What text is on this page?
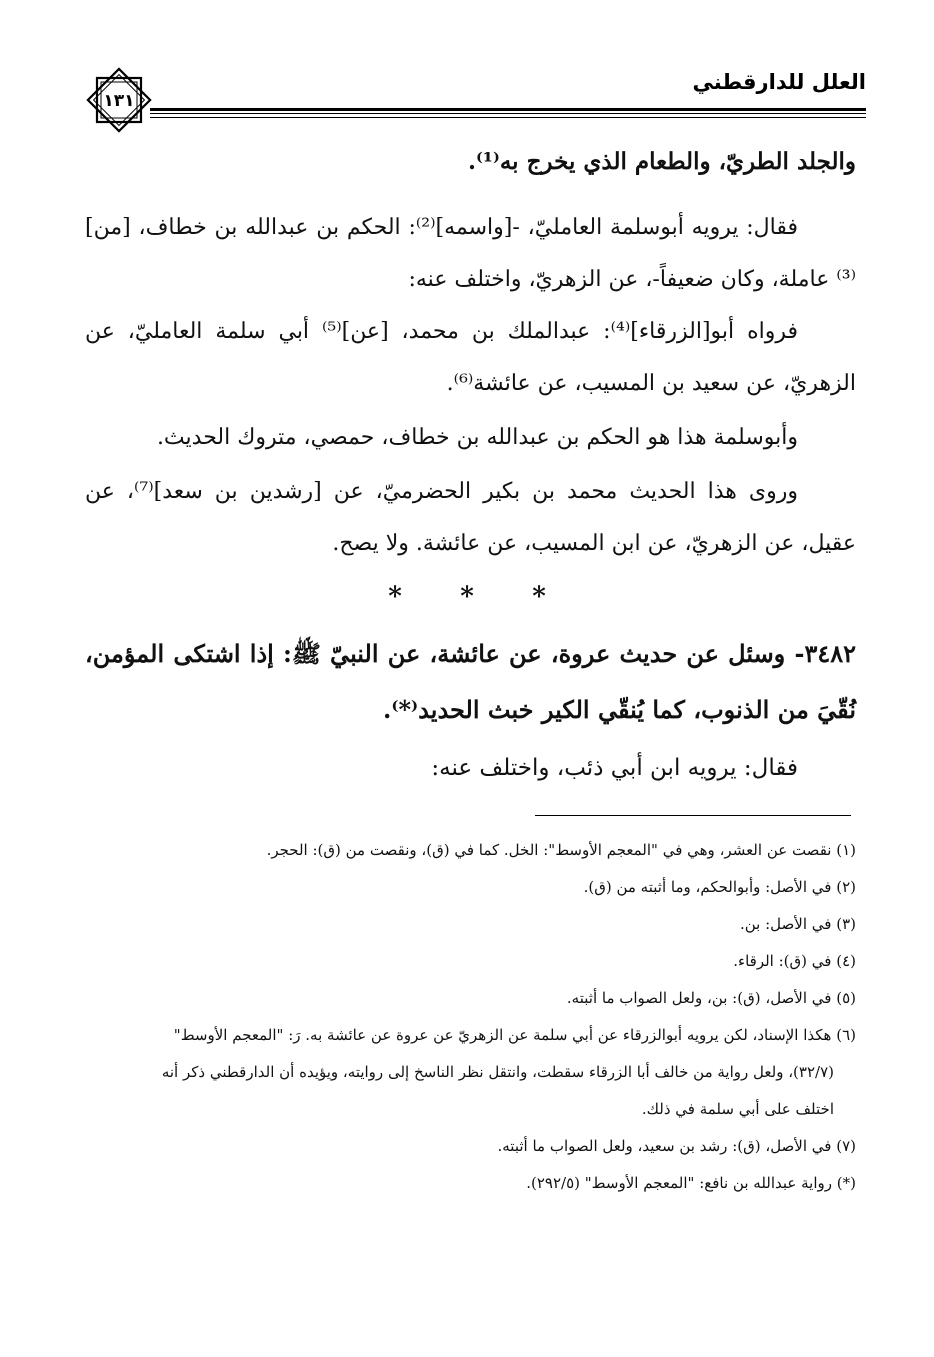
العلل للدارقطني
١٣١
والجلد الطريّ، والطعام الذي يخرج به⁽¹⁾.
فقال: يرويه أبوسلمة العامليّ، -[واسمه]⁽²⁾: الحكم بن عبدالله بن خطاف، [من]⁽³⁾ عاملة، وكان ضعيفاً-، عن الزهريّ، واختلف عنه:
فرواه أبو[الزرقاء]⁽⁴⁾: عبدالملك بن محمد، [عن]⁽⁵⁾ أبي سلمة العامليّ، عن الزهريّ، عن سعيد بن المسيب، عن عائشة⁽⁶⁾.
وأبوسلمة هذا هو الحكم بن عبدالله بن خطاف، حمصي، متروك الحديث.
وروى هذا الحديث محمد بن بكير الحضرميّ، عن [رشدين بن سعد]⁽⁷⁾، عن عقيل، عن الزهريّ، عن ابن المسيب، عن عائشة. ولا يصح.
* * *
٣٤٨٢- وسئل عن حديث عروة، عن عائشة، عن النبيّ ﷺ: إذا اشتكى المؤمن، نُقّيَ من الذنوب، كما يُنقّي الكير خبث الحديد⁽*⁾.
فقال: يرويه ابن أبي ذئب، واختلف عنه:
(١) نقصت عن العشر، وهي في "المعجم الأوسط": الخل. كما في (ق)، ونقصت من (ق): الحجر.
(٢) في الأصل: وأبوالحكم، وما أثبته من (ق).
(٣) في الأصل: بن.
(٤) في (ق): الرقاء.
(٥) في الأصل، (ق): بن، ولعل الصواب ما أثبته.
(٦) هكذا الإسناد، لكن يرويه أبوالزرقاء عن أبي سلمة عن الزهريّ عن عروة عن عائشة به. رَ: "المعجم الأوسط"
(٣٢/٧)، ولعل رواية من خالف أبا الزرقاء سقطت، وانتقل نظر الناسخ إلى روايته، ويؤيده أن الدارقطني ذكر أنه
اختلف على أبي سلمة في ذلك.
(٧) في الأصل، (ق): رشد بن سعيد، ولعل الصواب ما أثبته.
(*) رواية عبدالله بن نافع: "المعجم الأوسط" (٢٩٢/٥).
